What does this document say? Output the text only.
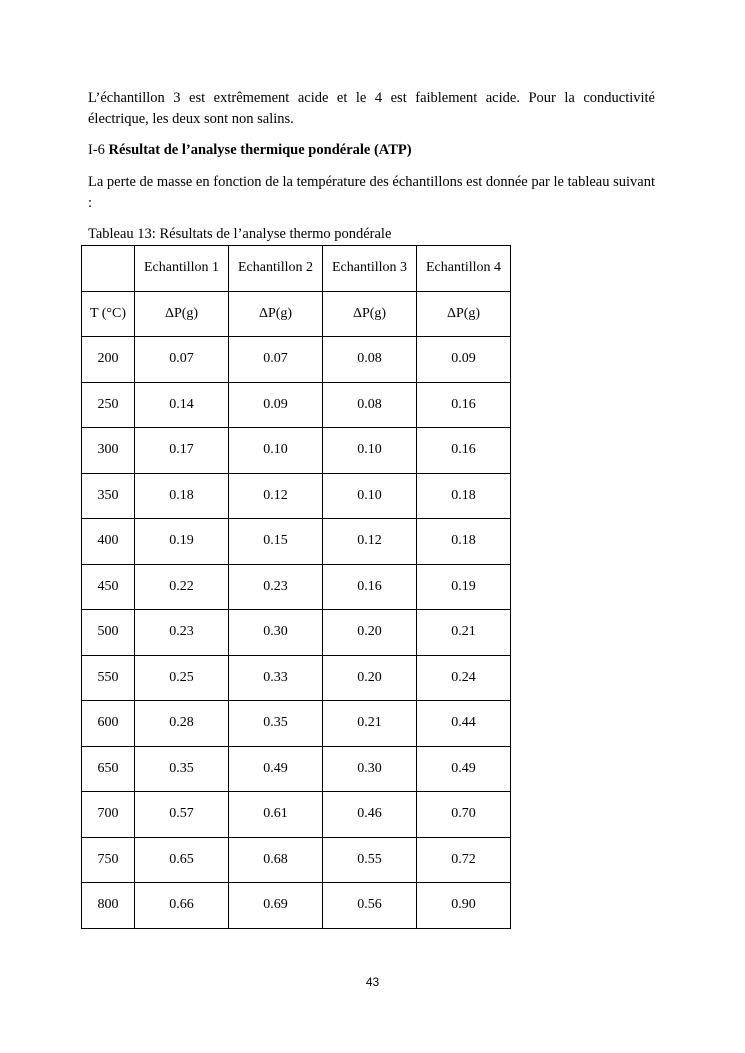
L’échantillon 3 est extrêmement acide et le 4 est faiblement acide. Pour la conductivité électrique, les deux sont non salins.

I-6 Résultat de l’analyse thermique pondérale (ATP)

La perte de masse en fonction de la température des échantillons est donnée par le tableau suivant :

Tableau 13: Résultats de l’analyse thermo pondérale

	Echantillon 1	Echantillon 2	Echantillon 3	Echantillon 4
T (°C)	ΔP(g)	ΔP(g)	ΔP(g)	ΔP(g)
200	0.07	0.07	0.08	0.09
250	0.14	0.09	0.08	0.16
300	0.17	0.10	0.10	0.16
350	0.18	0.12	0.10	0.18
400	0.19	0.15	0.12	0.18
450	0.22	0.23	0.16	0.19
500	0.23	0.30	0.20	0.21
550	0.25	0.33	0.20	0.24
600	0.28	0.35	0.21	0.44
650	0.35	0.49	0.30	0.49
700	0.57	0.61	0.46	0.70
750	0.65	0.68	0.55	0.72
800	0.66	0.69	0.56	0.90
43
